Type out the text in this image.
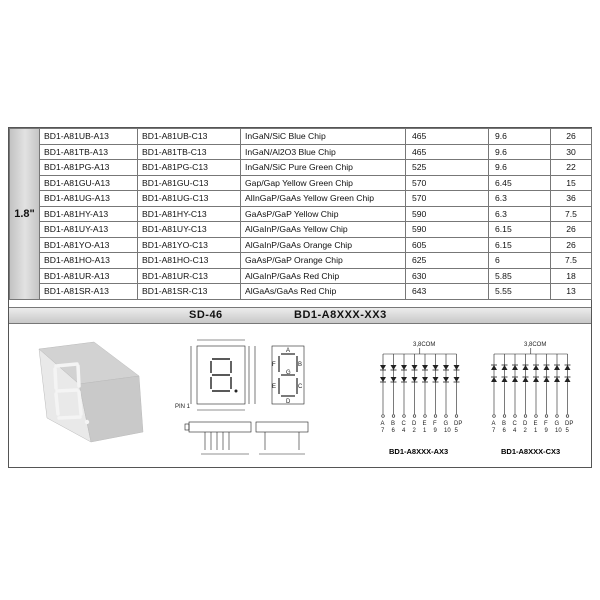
1.8"	BD1-A81UB-A13	BD1-A81UB-C13	InGaN/SiC Blue Chip	465	9.6	26
	BD1-A81TB-A13	BD1-A81TB-C13	InGaN/Al2O3 Blue Chip	465	9.6	30
	BD1-A81PG-A13	BD1-A81PG-C13	InGaN/SiC Pure Green Chip	525	9.6	22
	BD1-A81GU-A13	BD1-A81GU-C13	Gap/Gap Yellow Green Chip	570	6.45	15
	BD1-A81UG-A13	BD1-A81UG-C13	AlInGaP/GaAs Yellow Green Chip	570	6.3	36
	BD1-A81HY-A13	BD1-A81HY-C13	GaAsP/GaP Yellow Chip	590	6.3	7.5
	BD1-A81UY-A13	BD1-A81UY-C13	AlGaInP/GaAs Yellow Chip	590	6.15	26
	BD1-A81YO-A13	BD1-A81YO-C13	AlGaInP/GaAs Orange Chip	605	6.15	26
	BD1-A81HO-A13	BD1-A81HO-C13	GaAsP/GaP Orange Chip	625	6	7.5
	BD1-A81UR-A13	BD1-A81UR-C13	AlGaInP/GaAs Red Chip	630	5.85	18
	BD1-A81SR-A13	BD1-A81SR-C13	AlGaAs/GaAs Red Chip	643	5.55	13
SD-46	BD1-A8XXX-XX3
PIN 1
A
B
C
D
E
F
G
A
7
B
6
C
4
D
2
E
1
F
9
G
10
DP
5
3,8COM
BD1-A8XXX-AX3
A
7
B
6
C
4
D
2
E
1
F
9
G
10
DP
5
3,8COM
BD1-A8XXX-CX3
